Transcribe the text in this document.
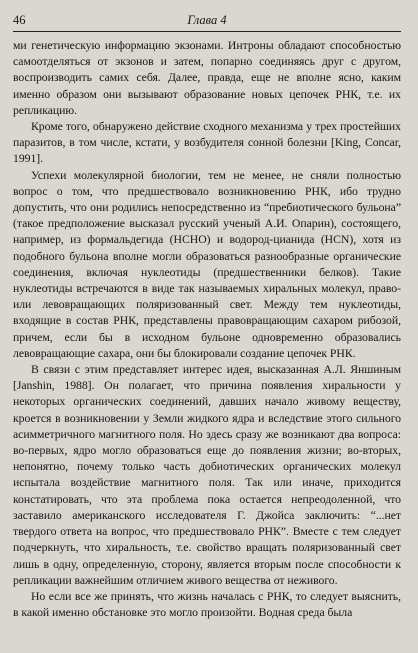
46	Глава 4

ми генетическую информацию экзонами. Интроны обладают способностью самоотделяться от экзонов и затем, попарно соединяясь друг с другом, воспроизводить самих себя. Далее, правда, еще не вполне ясно, каким именно образом они вызывают образование новых цепочек РНК, т.е. их репликацию.

Кроме того, обнаружено действие сходного механизма у трех простейших паразитов, в том числе, кстати, у возбудителя сонной болезни [King, Concar, 1991].

Успехи молекулярной биологии, тем не менее, не сняли полностью вопрос о том, что предшествовало возникновению РНК, ибо трудно допустить, что они родились непосредственно из “пребиотического бульона” (такое предположение высказал русский ученый А.И. Опарин), состоящего, например, из формальдегида (HCHO) и водород-цианида (HCN), хотя из подобного бульона вполне могли образоваться разнообразные органические соединения, включая нуклеотиды (предшественники белков). Такие нуклеотиды встречаются в виде так называемых хиральных молекул, право- или левовращающих поляризованный свет. Между тем нуклеотиды, входящие в состав РНК, представлены правовращающим сахаром рибозой, причем, если бы в исходном бульоне одновременно образовались левовращающие сахара, они бы блокировали создание цепочек РНК.

В связи с этим представляет интерес идея, высказанная А.Л. Яншиным [Janshin, 1988]. Он полагает, что причина появления хиральности у некоторых органических соединений, давших начало живому веществу, кроется в возникновении у Земли жидкого ядра и вследствие этого сильного асимметричного магнитного поля. Но здесь сразу же возникают два вопроса: во-первых, ядро могло образоваться еще до появления жизни; во-вторых, непонятно, почему только часть добиотических органических молекул испытала воздействие магнитного поля. Так или иначе, приходится констатировать, что эта проблема пока остается непреодоленной, что заставило американского исследователя Г. Джойса заключить: “...нет твердого ответа на вопрос, что предшествовало РНК”. Вместе с тем следует подчеркнуть, что хиральность, т.е. свойство вращать поляризованный свет лишь в одну, определенную, сторону, является вторым после способности к репликации важнейшим отличием живого вещества от неживого.

Но если все же принять, что жизнь началась с РНК, то следует выяснить, в какой именно обстановке это могло произойти. Водная среда была
